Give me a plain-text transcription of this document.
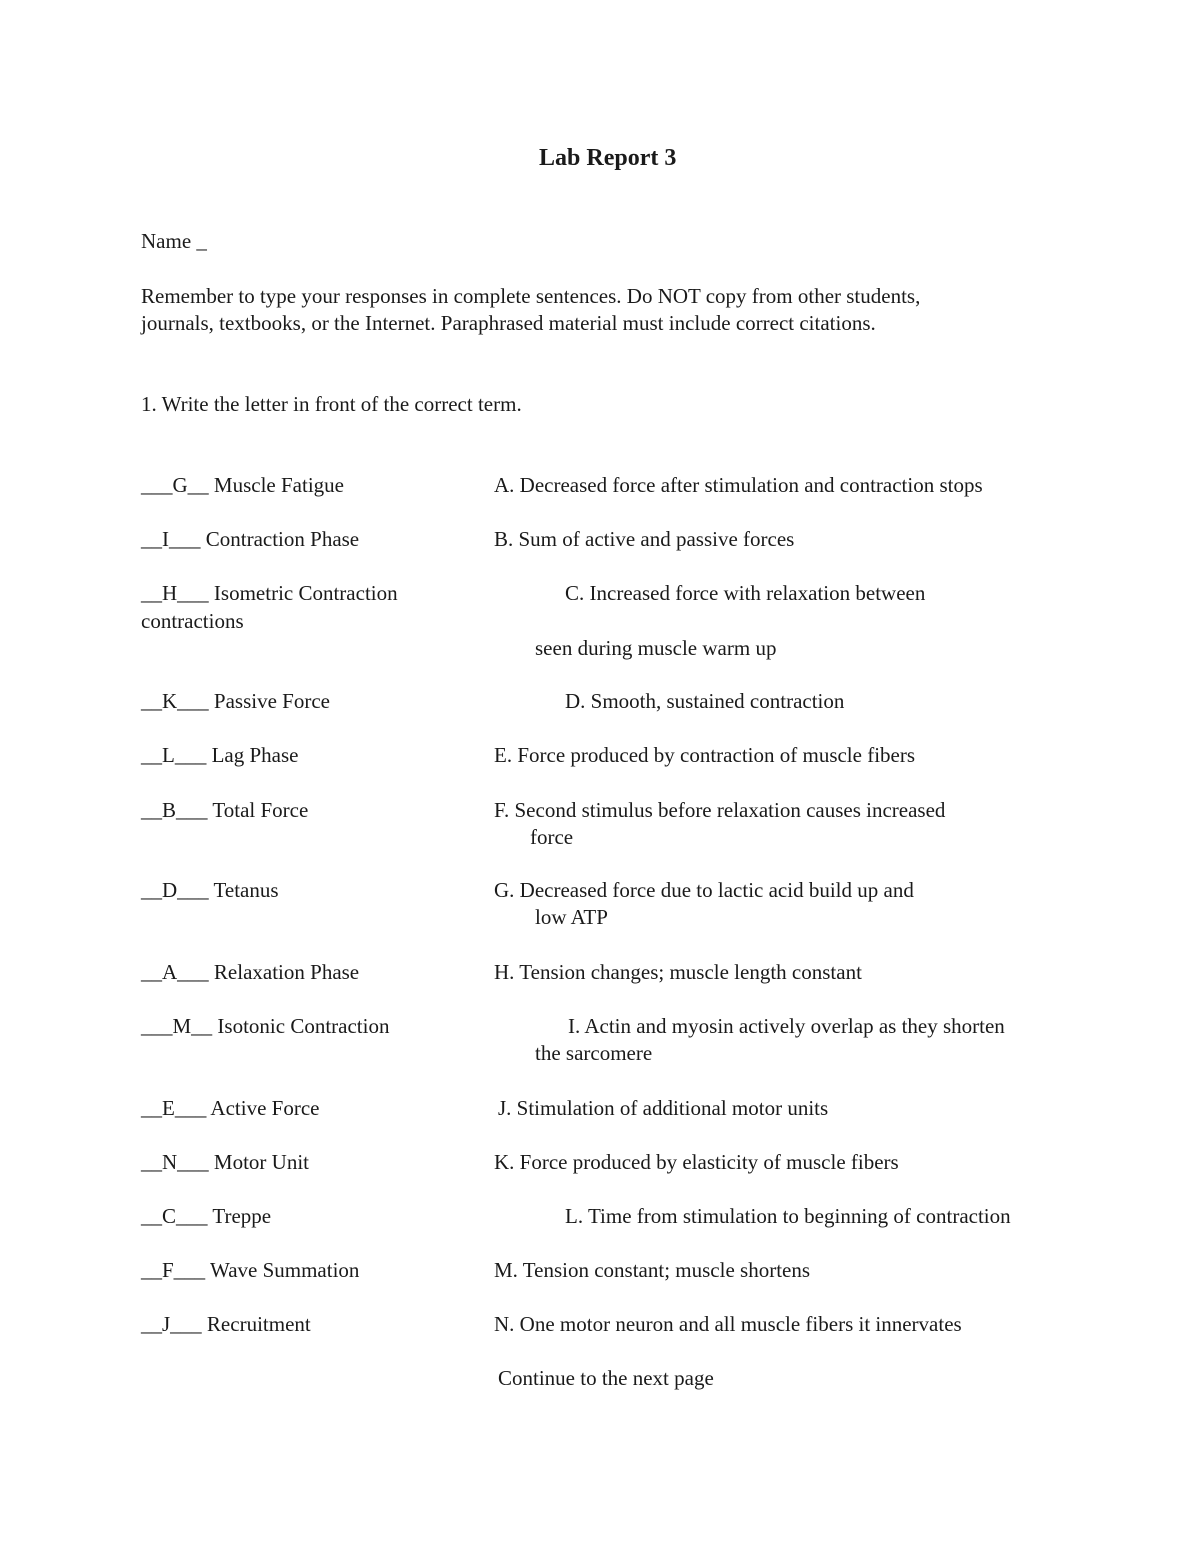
Lab Report 3
Name _
Remember to type your responses in complete sentences. Do NOT copy from other students,
journals, textbooks, or the Internet. Paraphrased material must include correct citations.
1. Write the letter in front of the correct term.
___G__ Muscle Fatigue
__I___ Contraction Phase
__H___ Isometric Contraction
contractions
__K___ Passive Force
__L___ Lag Phase
__B___ Total Force
__D___ Tetanus
__A___ Relaxation Phase
___M__ Isotonic Contraction
__E___ Active Force
__N___ Motor Unit
__C___ Treppe
__F___ Wave Summation
__J___ Recruitment
A. Decreased force after stimulation and contraction stops
B. Sum of active and passive forces
C. Increased force with relaxation between
seen during muscle warm up
D. Smooth, sustained contraction
E. Force produced by contraction of muscle fibers
F. Second stimulus before relaxation causes increased
force
G. Decreased force due to lactic acid build up and
low ATP
H. Tension changes; muscle length constant
I. Actin and myosin actively overlap as they shorten
the sarcomere
J. Stimulation of additional motor units
K. Force produced by elasticity of muscle fibers
L. Time from stimulation to beginning of contraction
M. Tension constant; muscle shortens
N. One motor neuron and all muscle fibers it innervates
Continue to the next page
